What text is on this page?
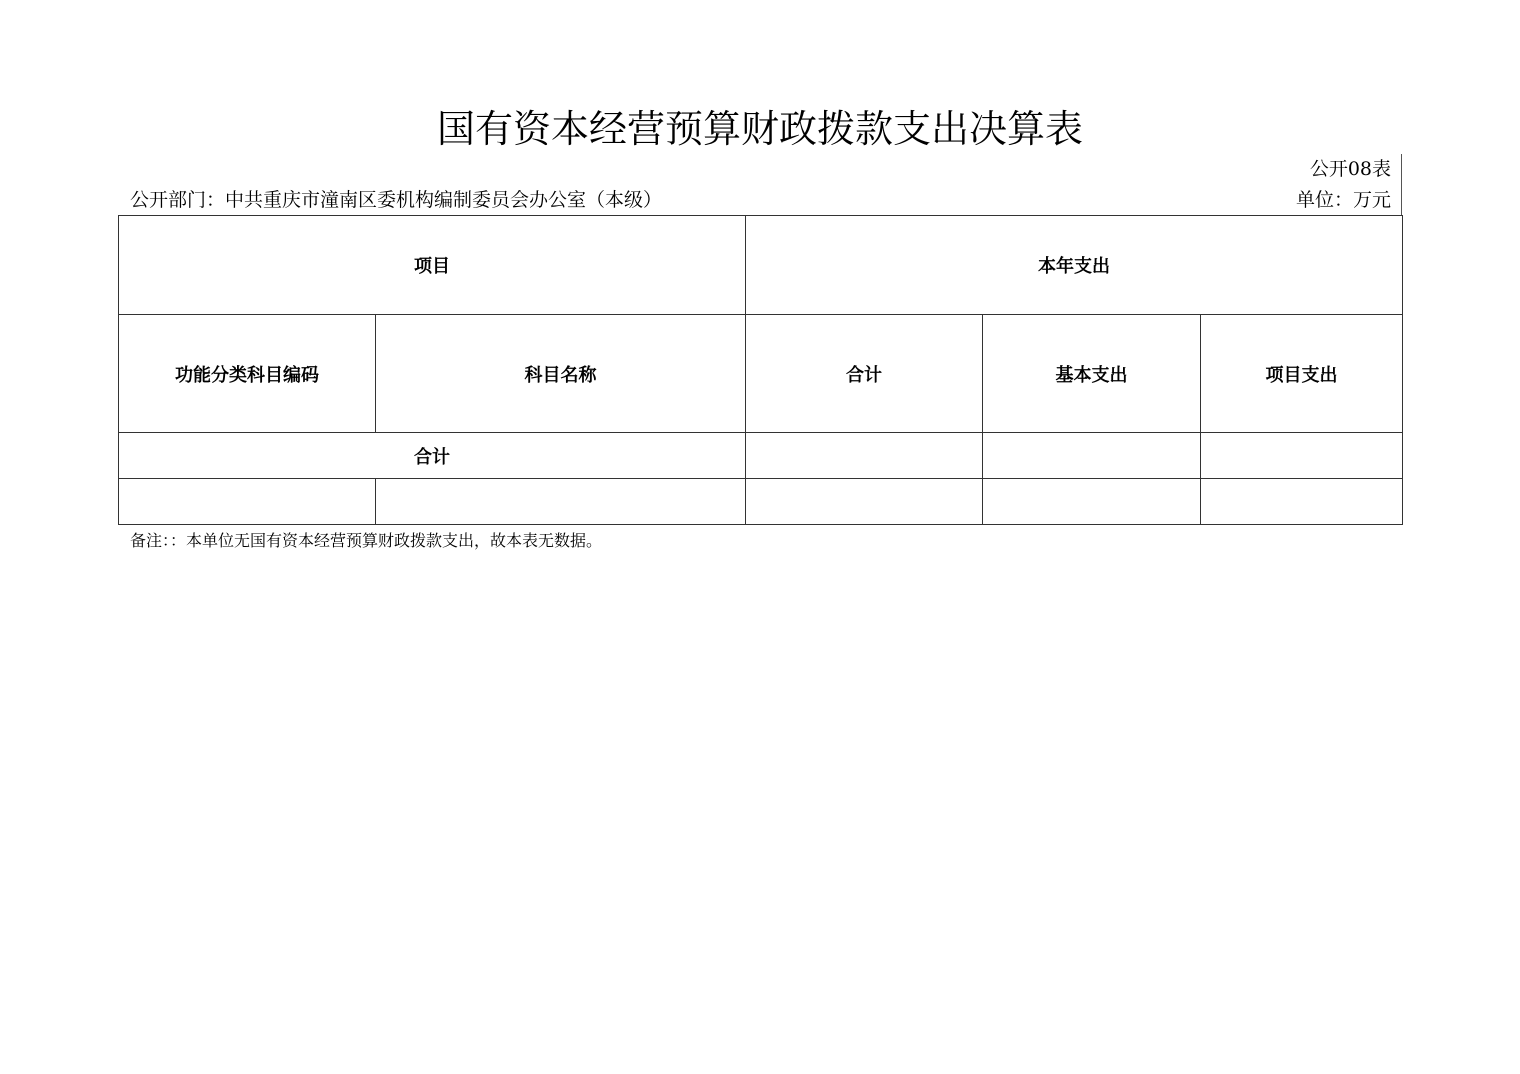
国有资本经营预算财政拨款支出决算表
公开08表
公开部门：中共重庆市潼南区委机构编制委员会办公室（本级）	单位：万元
项目		本年支出		
功能分类科目编码	科目名称	合计	基本支出	项目支出
合计				

备注：：本单位无国有资本经营预算财政拨款支出，故本表无数据。
